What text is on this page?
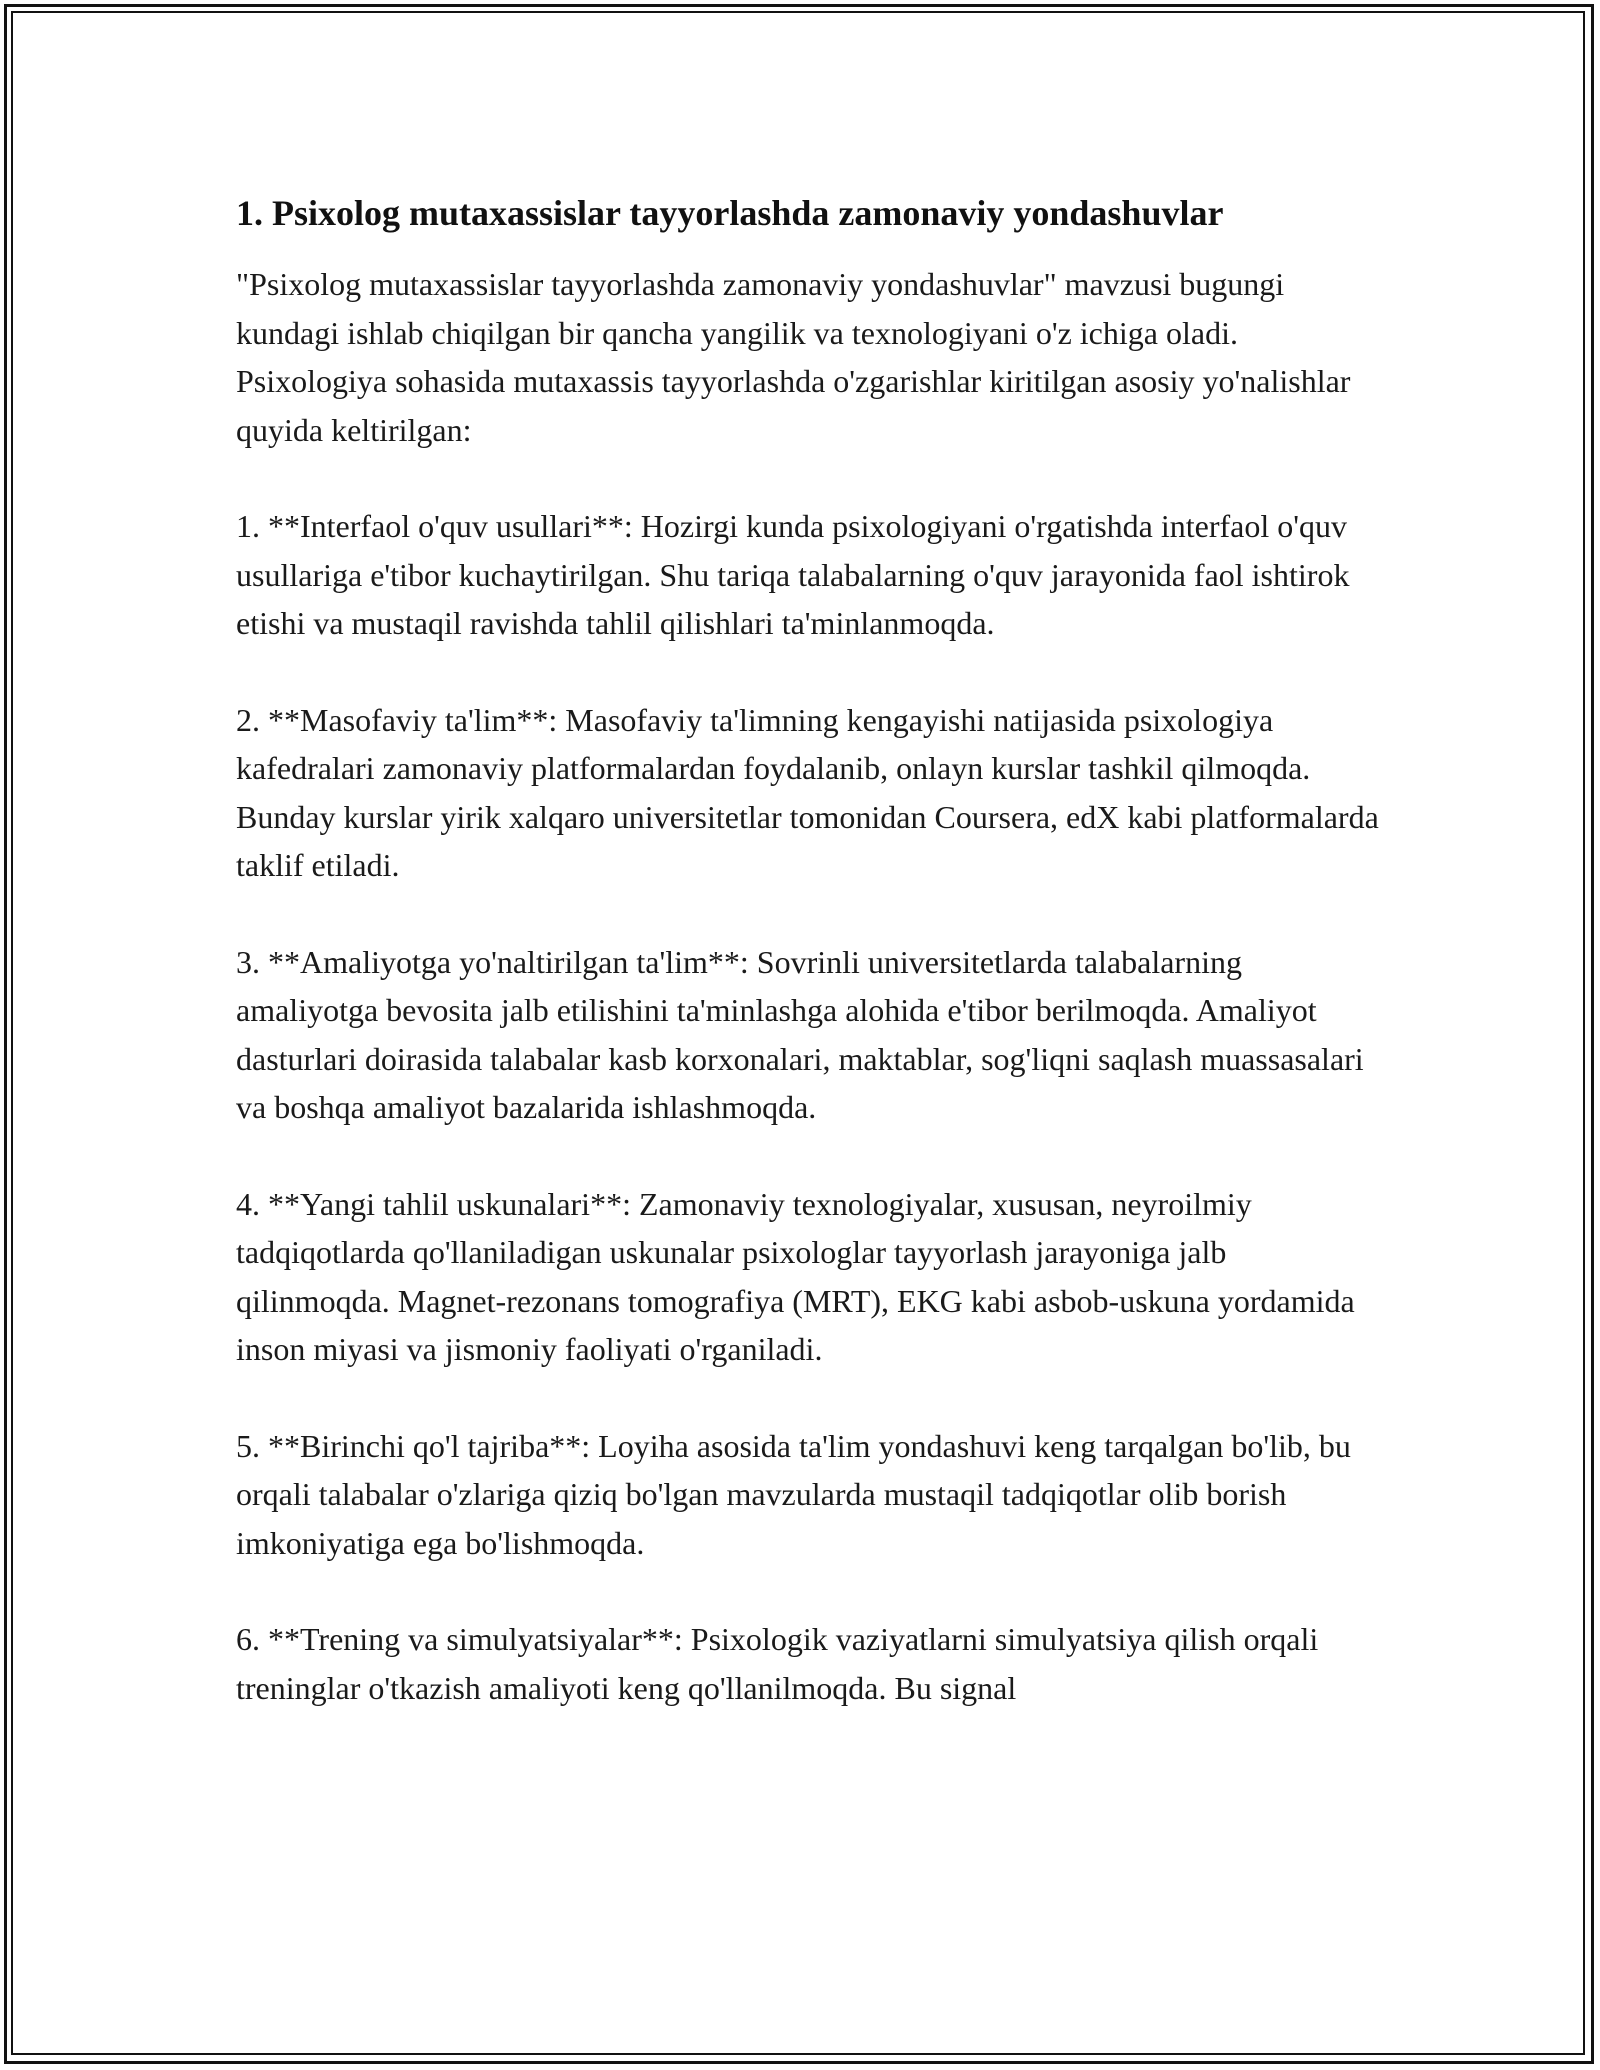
1. Psixolog mutaxassislar tayyorlashda zamonaviy yondashuvlar

"Psixolog mutaxassislar tayyorlashda zamonaviy yondashuvlar" mavzusi bugungi kundagi ishlab chiqilgan bir qancha yangilik va texnologiyani o'z ichiga oladi. Psixologiya sohasida mutaxassis tayyorlashda o'zgarishlar kiritilgan asosiy yo'nalishlar quyida keltirilgan:

1. **Interfaol o'quv usullari**: Hozirgi kunda psixologiyani o'rgatishda interfaol o'quv usullariga e'tibor kuchaytirilgan. Shu tariqa talabalarning o'quv jarayonida faol ishtirok etishi va mustaqil ravishda tahlil qilishlari ta'minlanmoqda.

2. **Masofaviy ta'lim**: Masofaviy ta'limning kengayishi natijasida psixologiya kafedralari zamonaviy platformalardan foydalanib, onlayn kurslar tashkil qilmoqda. Bunday kurslar yirik xalqaro universitetlar tomonidan Coursera, edX kabi platformalarda taklif etiladi.

3. **Amaliyotga yo'naltirilgan ta'lim**: Sovrinli universitetlarda talabalarning amaliyotga bevosita jalb etilishini ta'minlashga alohida e'tibor berilmoqda. Amaliyot dasturlari doirasida talabalar kasb korxonalari, maktablar, sog'liqni saqlash muassasalari va boshqa amaliyot bazalarida ishlashmoqda.

4. **Yangi tahlil uskunalari**: Zamonaviy texnologiyalar, xususan, neyroilmiy tadqiqotlarda qo'llaniladigan uskunalar psixologlar tayyorlash jarayoniga jalb qilinmoqda. Magnet-rezonans tomografiya (MRT), EKG kabi asbob-uskuna yordamida inson miyasi va jismoniy faoliyati o'rganiladi.

5. **Birinchi qo'l tajriba**: Loyiha asosida ta'lim yondashuvi keng tarqalgan bo'lib, bu orqali talabalar o'zlariga qiziq bo'lgan mavzularda mustaqil tadqiqotlar olib borish imkoniyatiga ega bo'lishmoqda.

6. **Trening va simulyatsiyalar**: Psixologik vaziyatlarni simulyatsiya qilish orqali treninglar o'tkazish amaliyoti keng qo'llanilmoqda. Bu signal
